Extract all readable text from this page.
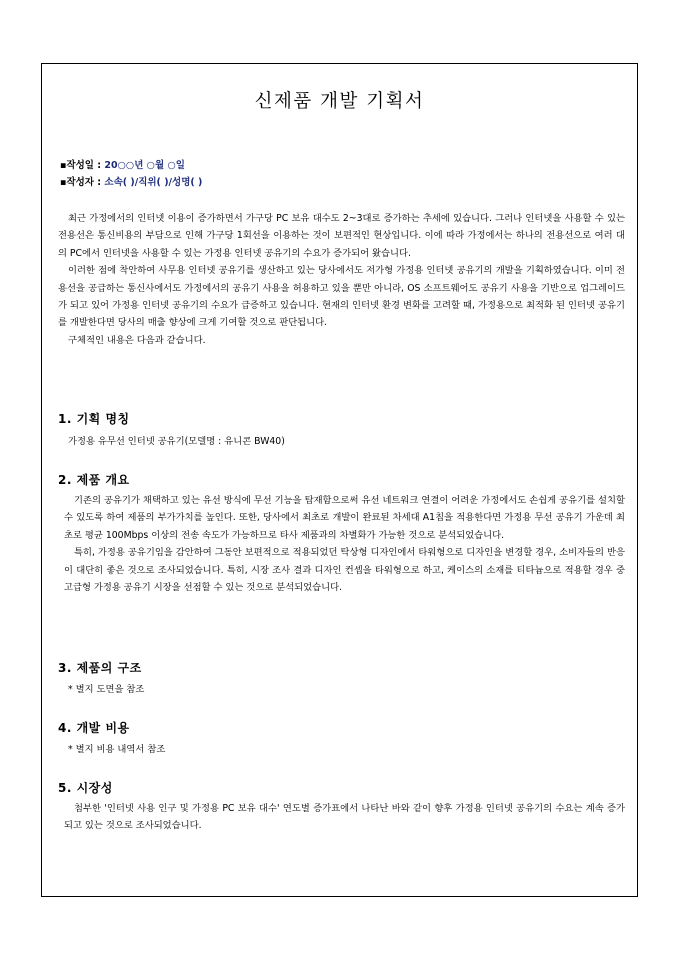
신제품 개발 기획서
▪작성일 : 20○○년 ○월 ○일
▪작성자 : 소속( )/직위( )/성명( )

최근 가정에서의 인터넷 이용이 증가하면서 가구당 PC 보유 대수도 2~3대로 증가하는 추세에 있습니다. 그러나 인터넷을 사용할 수 있는 전용선은 통신비용의 부담으로 인해 가구당 1회선을 이용하는 것이 보편적인 현상입니다. 이에 따라 가정에서는 하나의 전용선으로 여러 대의 PC에서 인터넷을 사용할 수 있는 가정용 인터넷 공유기의 수요가 증가되어 왔습니다.

이러한 점에 착안하여 사무용 인터넷 공유기를 생산하고 있는 당사에서도 저가형 가정용 인터넷 공유기의 개발을 기획하였습니다. 이미 전용선을 공급하는 통신사에서도 가정에서의 공유기 사용을 허용하고 있을 뿐만 아니라, OS 소프트웨어도 공유기 사용을 기반으로 업그레이드가 되고 있어 가정용 인터넷 공유기의 수요가 급증하고 있습니다. 현재의 인터넷 환경 변화를 고려할 때, 가정용으로 최적화 된 인터넷 공유기를 개발한다면 당사의 매출 향상에 크게 기여할 것으로 판단됩니다.

구체적인 내용은 다음과 같습니다.

1. 기획 명칭
가정용 유무선 인터넷 공유기(모델명 : 유니콘 BW40)
2. 제품 개요

기존의 공유기가 채택하고 있는 유선 방식에 무선 기능을 탑재함으로써 유선 네트워크 연결이 어려운 가정에서도 손쉽게 공유기를 설치할 수 있도록 하여 제품의 부가가치를 높인다. 또한, 당사에서 최초로 개발이 완료된 차세대 A1칩을 적용한다면 가정용 무선 공유기 가운데 최초로 평균 100Mbps 이상의 전송 속도가 가능하므로 타사 제품과의 차별화가 가능한 것으로 분석되었습니다.

특히, 가정용 공유기임을 감안하여 그동안 보편적으로 적용되었던 탁상형 디자인에서 타워형으로 디자인을 변경할 경우, 소비자들의 반응이 대단히 좋은 것으로 조사되었습니다. 특히, 시장 조사 결과 디자인 컨셉을 타워형으로 하고, 케이스의 소재를 티타늄으로 적용할 경우 중고급형 가정용 공유기 시장을 선점할 수 있는 것으로 분석되었습니다.

3. 제품의 구조
* 별지 도면을 참조
4. 개발 비용
* 별지 비용 내역서 참조
5. 시장성

첨부한 '인터넷 사용 인구 및 가정용 PC 보유 대수' 연도별 증가표에서 나타난 바와 같이 향후 가정용 인터넷 공유기의 수요는 계속 증가되고 있는 것으로 조사되었습니다.
